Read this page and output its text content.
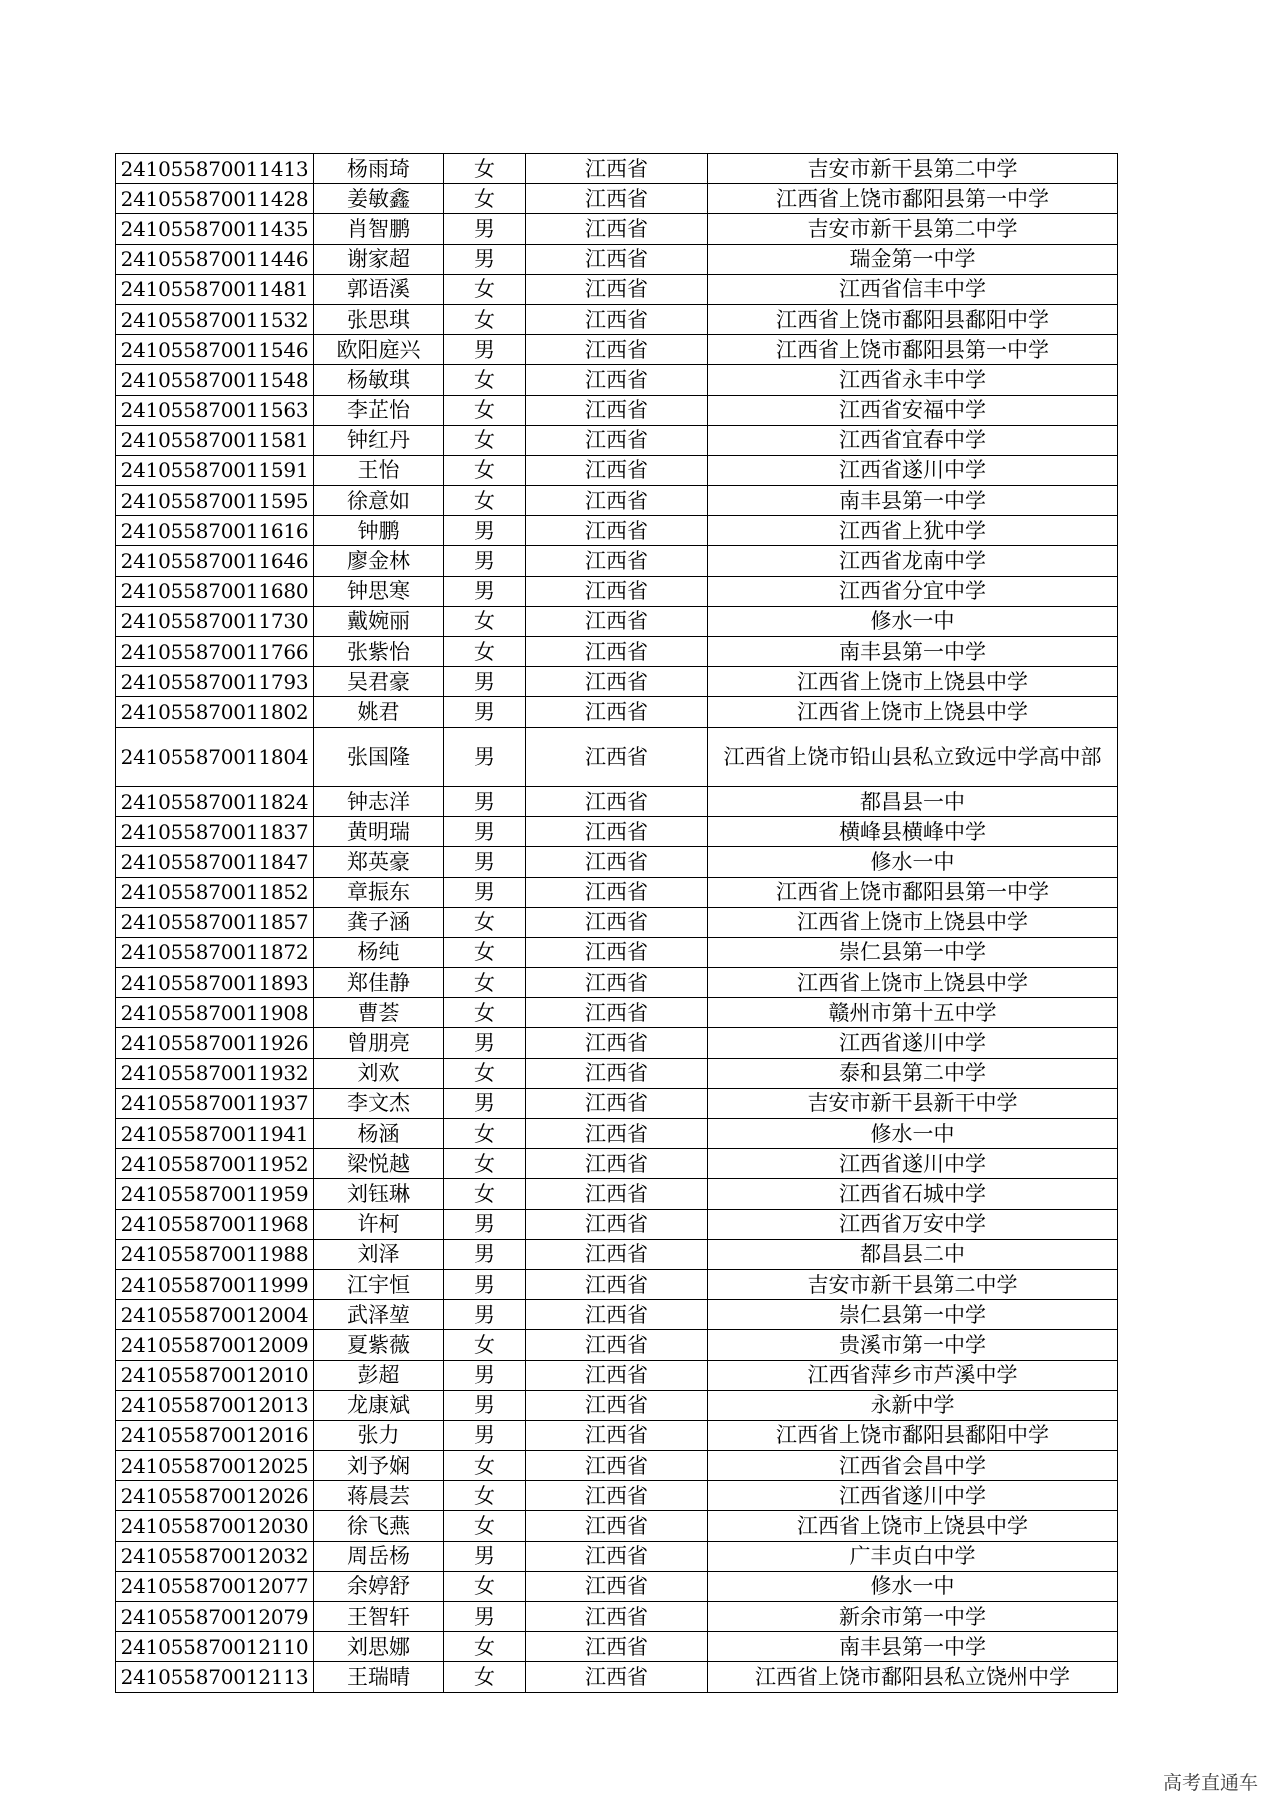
241055870011413	杨雨琦	女	江西省	吉安市新干县第二中学
241055870011428	姜敏鑫	女	江西省	江西省上饶市鄱阳县第一中学
241055870011435	肖智鹏	男	江西省	吉安市新干县第二中学
241055870011446	谢家超	男	江西省	瑞金第一中学
241055870011481	郭语溪	女	江西省	江西省信丰中学
241055870011532	张思琪	女	江西省	江西省上饶市鄱阳县鄱阳中学
241055870011546	欧阳庭兴	男	江西省	江西省上饶市鄱阳县第一中学
241055870011548	杨敏琪	女	江西省	江西省永丰中学
241055870011563	李芷怡	女	江西省	江西省安福中学
241055870011581	钟红丹	女	江西省	江西省宜春中学
241055870011591	王怡	女	江西省	江西省遂川中学
241055870011595	徐意如	女	江西省	南丰县第一中学
241055870011616	钟鹏	男	江西省	江西省上犹中学
241055870011646	廖金林	男	江西省	江西省龙南中学
241055870011680	钟思寒	男	江西省	江西省分宜中学
241055870011730	戴婉丽	女	江西省	修水一中
241055870011766	张紫怡	女	江西省	南丰县第一中学
241055870011793	吴君豪	男	江西省	江西省上饶市上饶县中学
241055870011802	姚君	男	江西省	江西省上饶市上饶县中学
241055870011804	张国隆	男	江西省	江西省上饶市铅山县私立致远中学高中部
241055870011824	钟志洋	男	江西省	都昌县一中
241055870011837	黄明瑞	男	江西省	横峰县横峰中学
241055870011847	郑英豪	男	江西省	修水一中
241055870011852	章振东	男	江西省	江西省上饶市鄱阳县第一中学
241055870011857	龚子涵	女	江西省	江西省上饶市上饶县中学
241055870011872	杨纯	女	江西省	崇仁县第一中学
241055870011893	郑佳静	女	江西省	江西省上饶市上饶县中学
241055870011908	曹荟	女	江西省	赣州市第十五中学
241055870011926	曾朋亮	男	江西省	江西省遂川中学
241055870011932	刘欢	女	江西省	泰和县第二中学
241055870011937	李文杰	男	江西省	吉安市新干县新干中学
241055870011941	杨涵	女	江西省	修水一中
241055870011952	梁悦越	女	江西省	江西省遂川中学
241055870011959	刘钰琳	女	江西省	江西省石城中学
241055870011968	许柯	男	江西省	江西省万安中学
241055870011988	刘泽	男	江西省	都昌县二中
241055870011999	江宇恒	男	江西省	吉安市新干县第二中学
241055870012004	武泽堃	男	江西省	崇仁县第一中学
241055870012009	夏紫薇	女	江西省	贵溪市第一中学
241055870012010	彭超	男	江西省	江西省萍乡市芦溪中学
241055870012013	龙康斌	男	江西省	永新中学
241055870012016	张力	男	江西省	江西省上饶市鄱阳县鄱阳中学
241055870012025	刘予娴	女	江西省	江西省会昌中学
241055870012026	蒋晨芸	女	江西省	江西省遂川中学
241055870012030	徐飞燕	女	江西省	江西省上饶市上饶县中学
241055870012032	周岳杨	男	江西省	广丰贞白中学
241055870012077	余婷舒	女	江西省	修水一中
241055870012079	王智轩	男	江西省	新余市第一中学
241055870012110	刘思娜	女	江西省	南丰县第一中学
241055870012113	王瑞晴	女	江西省	江西省上饶市鄱阳县私立饶州中学
高考直通车
